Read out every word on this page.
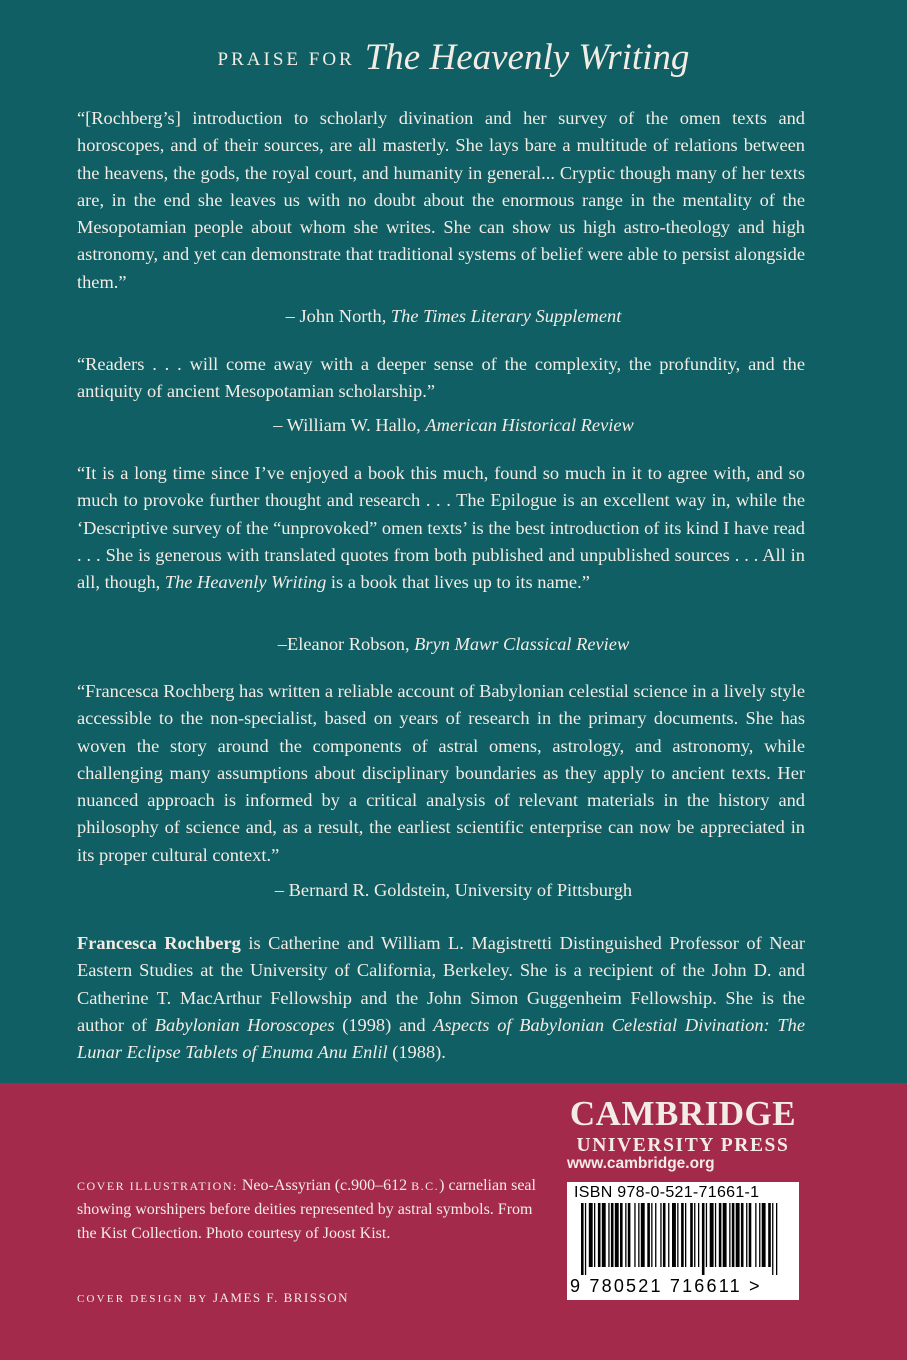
PRAISE FOR The Heavenly Writing

“[Rochberg’s] introduction to scholarly divination and her survey of the omen texts and horoscopes, and of their sources, are all masterly. She lays bare a multitude of relations between the heavens, the gods, the royal court, and humanity in general... Cryptic though many of her texts are, in the end she leaves us with no doubt about the enormous range in the mentality of the Mesopotamian people about whom she writes. She can show us high astro-theology and high astronomy, and yet can demonstrate that traditional systems of belief were able to persist alongside them.”

– John North, The Times Literary Supplement

“Readers . . . will come away with a deeper sense of the complexity, the profundity, and the antiquity of ancient Mesopotamian scholarship.”

– William W. Hallo, American Historical Review

“It is a long time since I’ve enjoyed a book this much, found so much in it to agree with, and so much to provoke further thought and research . . . The Epilogue is an excellent way in, while the ‘Descriptive survey of the “unprovoked” omen texts’ is the best introduction of its kind I have read . . . She is generous with translated quotes from both published and unpublished sources . . . All in all, though, The Heavenly Writing is a book that lives up to its name.”

–Eleanor Robson, Bryn Mawr Classical Review

“Francesca Rochberg has written a reliable account of Babylonian celestial science in a lively style accessible to the non-specialist, based on years of research in the primary documents. She has woven the story around the components of astral omens, astrology, and astronomy, while challenging many assumptions about disciplinary boundaries as they apply to ancient texts. Her nuanced approach is informed by a critical analysis of relevant materials in the history and philosophy of science and, as a result, the earliest scientific enterprise can now be appreciated in its proper cultural context.”

– Bernard R. Goldstein, University of Pittsburgh

Francesca Rochberg is Catherine and William L. Magistretti Distinguished Professor of Near Eastern Studies at the University of California, Berkeley. She is a recipient of the John D. and Catherine T. MacArthur Fellowship and the John Simon Guggenheim Fellowship. She is the author of Babylonian Horoscopes (1998) and Aspects of Babylonian Celestial Divination: The Lunar Eclipse Tablets of Enuma Anu Enlil (1988).

COVER ILLUSTRATION: Neo-Assyrian (c.900–612 B.C.) carnelian seal showing worshipers before deities represented by astral symbols. From the Kist Collection. Photo courtesy of Joost Kist.

COVER DESIGN BY JAMES F. BRISSON
CAMBRIDGE
UNIVERSITY PRESS
www.cambridge.org
ISBN 978-0-521-71661-1
9 780521 716611 >
